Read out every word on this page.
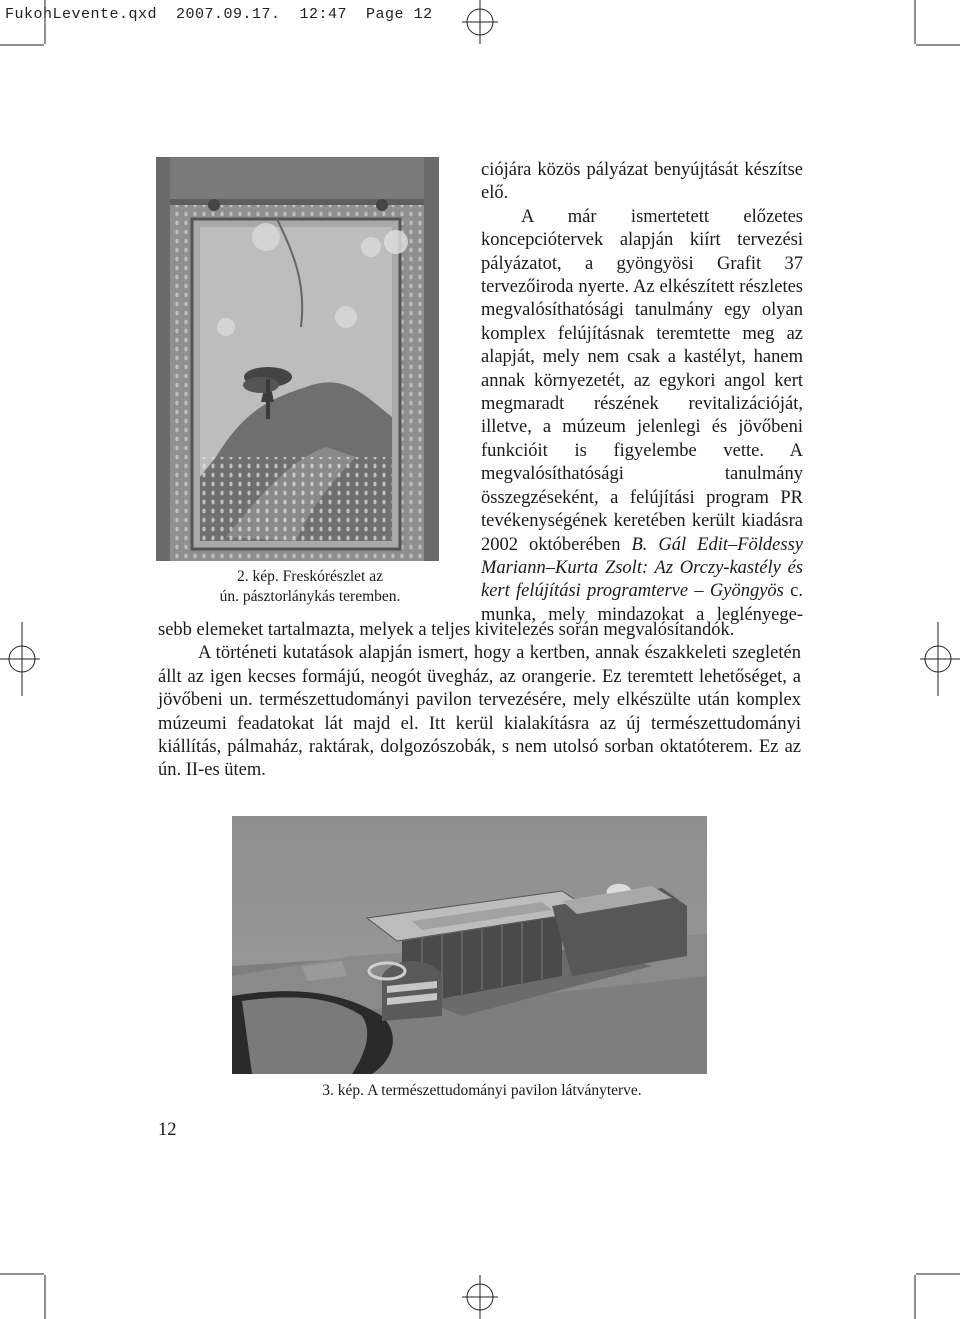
FukohLevente.qxd  2007.09.17.  12:47  Page 12
2. kép. Freskórészlet az
ún. pásztorlánykás teremben.

ciójára közös pályázat benyújtását készítse elő.

A már ismertetett előzetes koncepciótervek alapján kiírt tervezési pályázatot, a gyöngyösi Grafit 37 tervezőiroda nyerte. Az elkészített részletes megvalósíthatósági tanulmány egy olyan komplex felújításnak teremtette meg az alapját, mely nem csak a kastélyt, hanem annak környezetét, az egykori angol kert megmaradt részének revitalizációját, illetve, a múzeum jelenlegi és jövőbeni funkcióit is figyelembe vette. A megvalósíthatósági tanulmány összegzéseként, a felújítási program PR tevékenységének keretében került kiadásra 2002 októberében B. Gál Edit–Földessy Mariann–Kurta Zsolt: Az Orczy-kastély és kert felújítási programterve – Gyöngyös c. munka, mely mindazokat a leglényege-

sebb elemeket tartalmazta, melyek a teljes kivitelezés során megvalósítandók.

A történeti kutatások alapján ismert, hogy a kertben, annak északkeleti szegletén állt az igen kecses formájú, neogót üvegház, az orangerie. Ez teremtett lehetőséget, a jövőbeni un. természettudományi pavilon tervezésére, mely elkészülte után komplex múzeumi feadatokat lát majd el. Itt kerül kialakításra az új természettudományi kiállítás, pálmaház, raktárak, dolgozószobák, s nem utolsó sorban oktatóterem. Ez az ún. II-es ütem.

3. kép. A természettudományi pavilon látványterve.
12
